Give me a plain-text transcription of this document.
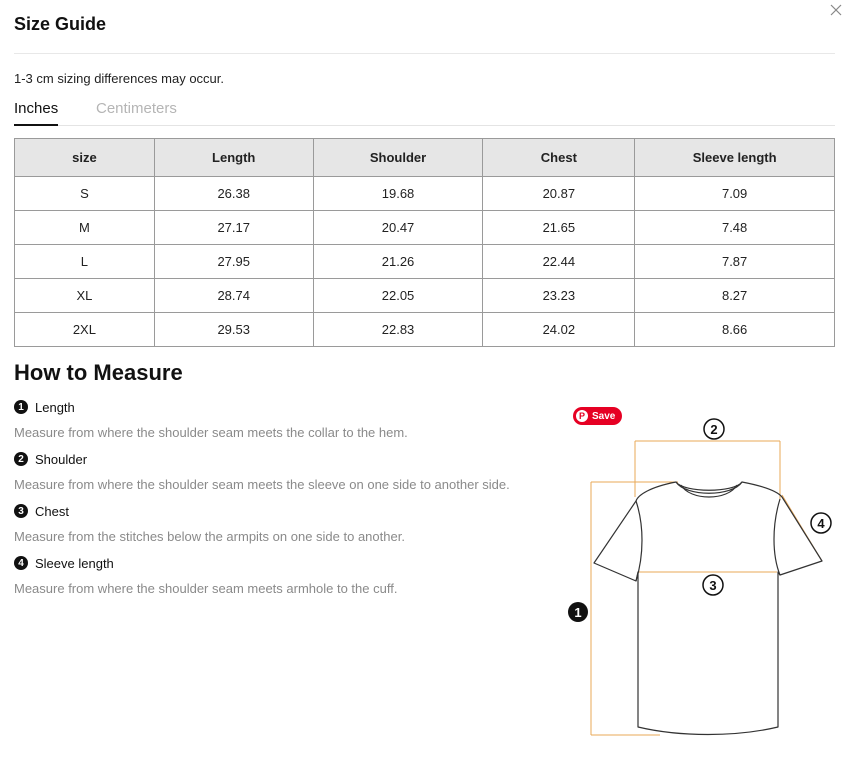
Size Guide
1-3 cm sizing differences may occur.
Inches	Centimeters
size	Length	Shoulder	Chest	Sleeve length
S	26.38	19.68	20.87	7.09
M	27.17	20.47	21.65	7.48
L	27.95	21.26	22.44	7.87
XL	28.74	22.05	23.23	8.27
2XL	29.53	22.83	24.02	8.66
How to Measure
1 Length
Measure from where the shoulder seam meets the collar to the hem.
2 Shoulder
Measure from where the shoulder seam meets the sleeve on one side to another side.
3 Chest
Measure from the stitches below the armpits on one side to another.
4 Sleeve length
Measure from where the shoulder seam meets armhole to the cuff.
1
2
3
4
P Save
